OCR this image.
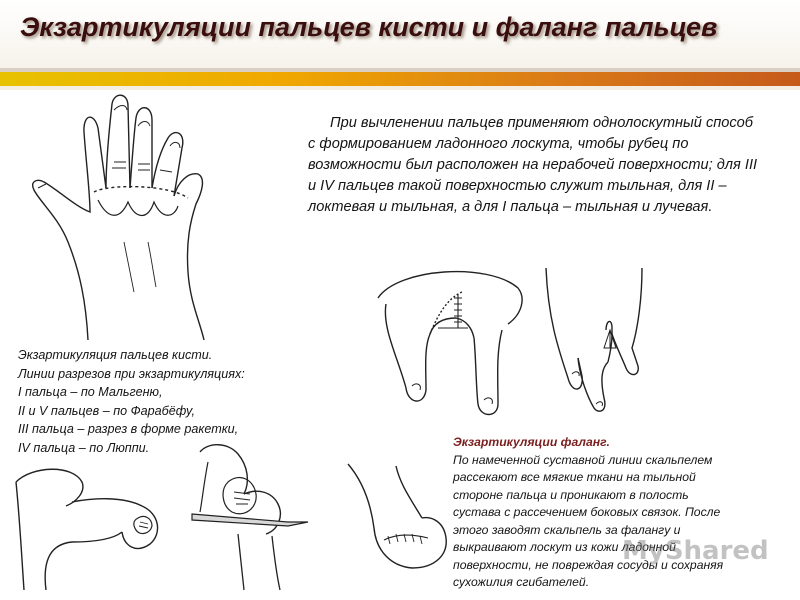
Экзартикуляции пальцев кисти и фаланг пальцев
При вычленении пальцев применяют однолоскутный способ с формированием ладонного лоскута, чтобы рубец по возможности был расположен на нерабочей поверхности; для III и IV пальцев такой поверхностью служит тыльная, для II – локтевая и тыльная, а для I пальца – тыльная и лучевая.
Экзартикуляция пальцев кисти.
Линии разрезов при экзартикуляциях:
I пальца – по Мальгеню,
II и V пальцев – по Фарабёфу,
III пальца – разрез в форме ракетки,
IV пальца – по Люппи.	Экзартикуляции фаланг.
По намеченной суставной линии скальпелем
рассекают все мягкие ткани на тыльной
стороне пальца и проникают в полость
сустава с рассечением боковых связок. После
этого заводят скальпель за фалангу и
выкраивают лоскут из кожи ладонной
поверхности, не повреждая сосуды и сохраняя
сухожилия сгибателей.
MyShared
